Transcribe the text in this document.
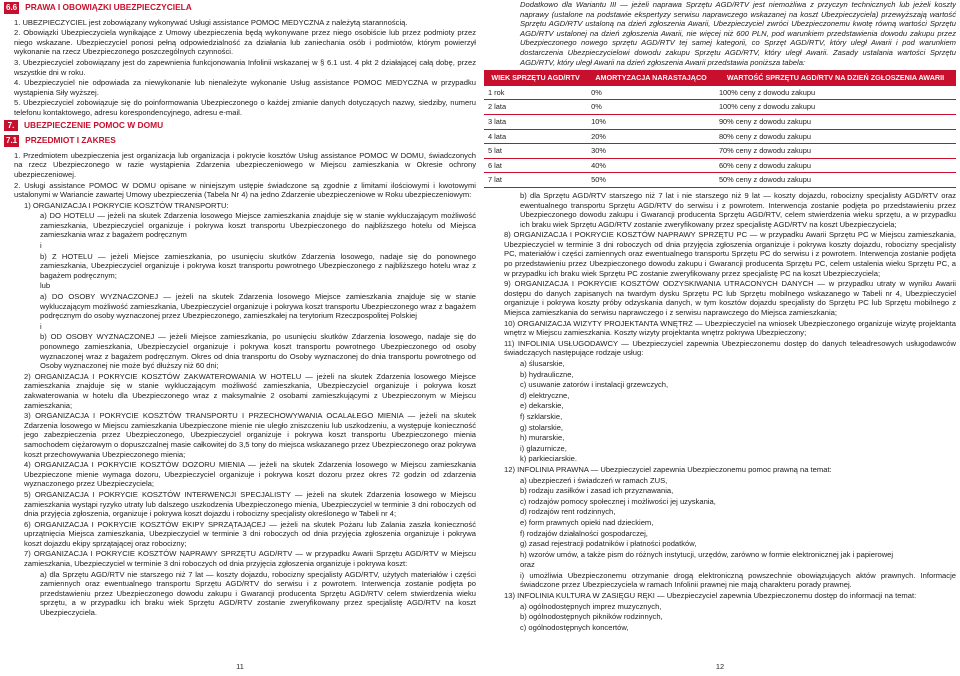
6.6 PRAWA I OBOWIĄZKI UBEZPIECZYCIELA

1. UBEZPIECZYCIEL jest zobowiązany wykonywać Usługi assistance POMOC MEDYCZNA z należytą starannością.

2. Obowiązki Ubezpieczyciela wynikające z Umowy ubezpieczenia będą wykonywane przez niego osobiście lub przez podmioty przez niego wskazane. Ubezpieczyciel ponosi pełną odpowiedzialność za działania lub zaniechania osób i podmiotów, którym powierzył wykonanie na rzecz Ubezpieczonego poszczególnych czynności.

3. Ubezpieczyciel zobowiązany jest do zapewnienia funkcjonowania Infolinii wskazanej w § 6.1 ust. 4 pkt 2 działającej całą dobę, przez wszystkie dni w roku.

4. Ubezpieczyciel nie odpowiada za niewykonanie lub nienależyte wykonanie Usług assistance POMOC MEDYCZNA w przypadku wystąpienia Siły wyższej.

5. Ubezpieczyciel zobowiązuje się do poinformowania Ubezpieczonego o każdej zmianie danych dotyczących nazwy, siedziby, numeru telefonu kontaktowego, adresu korespondencyjnego, adresu e-mail.

7.	UBEZPIECZENIE POMOC W DOMU
7.1 PRZEDMIOT I ZAKRES

1. Przedmiotem ubezpieczenia jest organizacja lub organizacja i pokrycie kosztów Usług assistance POMOC W DOMU, świadczonych na rzecz Ubezpieczonego w razie wystąpienia Zdarzenia ubezpieczeniowego w Miejscu zamieszkania w Okresie ochrony ubezpieczeniowej.

2. Usługi assistance POMOC W DOMU opisane w niniejszym ustępie świadczone są zgodnie z limitami ilościowymi i kwotowymi ustalonymi w Wariancie zawartej Umowy ubezpieczenia (Tabela Nr 4) na jedno Zdarzenie ubezpieczeniowe w Roku ubezpieczeniowym:

1) ORGANIZACJA I POKRYCIE KOSZTÓW TRANSPORTU:

a) DO HOTELU — jeżeli na skutek Zdarzenia losowego Miejsce zamieszkania znajduje się w stanie wykluczającym możliwość zamieszkania, Ubezpieczyciel organizuje i pokrywa koszt transportu Ubezpieczonego do najbliższego hotelu od Miejsca zamieszkania wraz z bagażem podręcznym

i

b) Z HOTELU — jeżeli Miejsce zamieszkania, po usunięciu skutków Zdarzenia losowego, nadaje się do ponownego zamieszkania, Ubezpieczyciel organizuje i pokrywa koszt transportu powrotnego Ubezpieczonego z najbliższego hotelu wraz z bagażem podręcznym;

lub

a) DO OSOBY WYZNACZONEJ — jeżeli na skutek Zdarzenia losowego Miejsce zamieszkania znajduje się w stanie wykluczającym możliwość zamieszkania, Ubezpieczyciel organizuje i pokrywa koszt transportu Ubezpieczonego wraz z bagażem podręcznym do osoby wyznaczonej przez Ubezpieczonego, zamieszkałej na terytorium Rzeczpospolitej Polskiej

i

b) OD OSOBY WYZNACZONEJ — jeżeli Miejsce zamieszkania, po usunięciu skutków Zdarzenia losowego, nadaje się do ponownego zamieszkania, Ubezpieczyciel organizuje i pokrywa koszt transportu powrotnego Ubezpieczonego od osoby wyznaczonej wraz z bagażem podręcznym. Okres od dnia transportu do Osoby wyznaczonej do dnia transportu powrotnego od Osoby wyznaczonej nie może być dłuższy niż 60 dni;

2) ORGANIZACJA I POKRYCIE KOSZTÓW ZAKWATEROWANIA W HOTELU — jeżeli na skutek Zdarzenia losowego Miejsce zamieszkania znajduje się w stanie wykluczającym możliwość zamieszkania, Ubezpieczyciel organizuje i pokrywa koszt zakwaterowania w hotelu dla Ubezpieczonego wraz z maksymalnie 2 osobami zamieszkującymi z Ubezpieczonym w Miejscu zamieszkania;

3) ORGANIZACJA I POKRYCIE KOSZTÓW TRANSPORTU I PRZECHOWYWANIA OCALAŁEGO MIENIA — jeżeli na skutek Zdarzenia losowego w Miejscu zamieszkania Ubezpieczone mienie nie uległo zniszczeniu lub uszkodzeniu, a występuje konieczność jego zabezpieczenia przez Ubezpieczonego, Ubezpieczyciel organizuje i pokrywa koszt transportu Ubezpieczonego mienia samochodem ciężarowym o dopuszczalnej masie całkowitej do 3,5 tony do miejsca wskazanego przez Ubezpieczonego oraz pokrywa koszt przechowywania Ubezpieczonego mienia;

4) ORGANIZACJA I POKRYCIE KOSZTÓW DOZORU MIENIA — jeżeli na skutek Zdarzenia losowego w Miejscu zamieszkania Ubezpieczone mienie wymaga dozoru, Ubezpieczyciel organizuje i pokrywa koszt dozoru przez okres 72 godzin od zdarzenia wyznaczonego przez Ubezpieczyciela;

5) ORGANIZACJA I POKRYCIE KOSZTÓW INTERWENCJI SPECJALISTY — jeżeli na skutek Zdarzenia losowego w Miejscu zamieszkania wystąpi ryzyko utraty lub dalszego uszkodzenia Ubezpieczonego mienia, Ubezpieczyciel w terminie 3 dni roboczych od dnia przyjęcia zgłoszenia, organizuje i pokrywa koszt dojazdu i robocizny specjalisty określonego w Tabeli nr 4;

6) ORGANIZACJA I POKRYCIE KOSZTÓW EKIPY SPRZĄTAJĄCEJ — jeżeli na skutek Pożaru lub Zalania zaszła konieczność uprzątnięcia Miejsca zamieszkania, Ubezpieczyciel w terminie 3 dni roboczych od dnia przyjęcia zgłoszenia organizuje i pokrywa koszt dojazdu ekipy sprzątającej oraz robocizny;

7) ORGANIZACJA I POKRYCIE KOSZTÓW NAPRAWY SPRZĘTU AGD/RTV — w przypadku Awarii Sprzętu AGD/RTV w Miejscu zamieszkania, Ubezpieczyciel w terminie 3 dni roboczych od dnia przyjęcia zgłoszenia organizuje i pokrywa koszt:

a) dla Sprzętu AGD/RTV nie starszego niż 7 lat — koszty dojazdu, robocizny specjalisty AGD/RTV, użytych materiałów i części zamiennych oraz ewentualnego transportu Sprzętu AGD/RTV do serwisu i z powrotem. Interwencja zostanie podjęta po przedstawieniu przez Ubezpieczonego dowodu zakupu i Gwarancji producenta Sprzętu AGD/RTV celem stwierdzenia wieku sprzętu, a w przypadku ich braku wiek Sprzętu AGD/RTV zostanie zweryfikowany przez specjalistę AGD/RTV na koszt Ubezpieczyciela.

11

Dodatkowo dla Wariantu III — jeżeli naprawa Sprzętu AGD/RTV jest niemożliwa z przyczyn technicznych lub jeżeli koszty naprawy (ustalone na podstawie ekspertyzy serwisu naprawczego wskazanej na koszt Ubezpieczyciela) przewyższają wartość Sprzętu AGD/RTV ustaloną na dzień zgłoszenia Awarii, Ubezpieczyciel zwróci Ubezpieczonemu kwotę równą wartości Sprzętu AGD/RTV ustalonej na dzień zgłoszenia Awarii, nie więcej niż 600 PLN, pod warunkiem przedstawienia dowodu zakupu przez Ubezpieczonego nowego sprzętu AGD/RTV tej samej kategorii, co Sprzęt AGD/RTV, który uległ Awarii i pod warunkiem dostarczenia Ubezpieczycielowi dowodu zakupu Sprzętu AGD/RTV, który uległ Awarii. Zasady ustalania wartości Sprzętu AGD/RTV, który uległ Awarii na dzień zgłoszenia Awarii przedstawia poniższa tabela:

WIEK SPRZĘTU AGD/RTV	AMORTYZACJA NARASTAJĄCO	WARTOŚĆ SPRZĘTU AGD/RTV NA DZIEŃ ZGŁOSZENIA AWARII
1 rok	0%	100% ceny z dowodu zakupu
2 lata	0%	100% ceny z dowodu zakupu
3 lata	10%	90% ceny z dowodu zakupu
4 lata	20%	80% ceny z dowodu zakupu
5 lat	30%	70% ceny z dowodu zakupu
6 lat	40%	60% ceny z dowodu zakupu
7 lat	50%	50% ceny z dowodu zakupu

b) dla Sprzętu AGD/RTV starszego niż 7 lat i nie starszego niż 9 lat — koszty dojazdu, robocizny specjalisty AGD/RTV oraz ewentualnego transportu Sprzętu AGD/RTV do serwisu i z powrotem. Interwencja zostanie podjęta po przedstawieniu przez Ubezpieczonego dowodu zakupu i Gwarancji producenta Sprzętu AGD/RTV, celem stwierdzenia wieku sprzętu, a w przypadku ich braku wiek Sprzętu AGD/RTV zostanie zweryfikowany przez specjalistę AGD/RTV na koszt Ubezpieczyciela;

8) ORGANIZACJA I POKRYCIE KOSZTÓW NAPRAWY SPRZĘTU PC — w przypadku Awarii Sprzętu PC w Miejscu zamieszkania, Ubezpieczyciel w terminie 3 dni roboczych od dnia przyjęcia zgłoszenia organizuje i pokrywa koszty dojazdu, robocizny specjalisty PC, materiałów i części zamiennych oraz ewentualnego transportu Sprzętu PC do serwisu i z powrotem. Interwencja zostanie podjęta po przedstawieniu przez Ubezpieczonego dowodu zakupu i Gwarancji producenta Sprzętu PC, celem ustalenia wieku Sprzętu PC, a w przypadku ich braku wiek Sprzętu PC zostanie zweryfikowany przez specjalistę PC na koszt Ubezpieczyciela;

9) ORGANIZACJA I POKRYCIE KOSZTÓW ODZYSKIWANIA UTRACONYCH DANYCH — w przypadku utraty w wyniku Awarii dostępu do danych zapisanych na twardym dysku Sprzętu PC lub Sprzętu mobilnego wskazanego w Tabeli nr 4, Ubezpieczyciel organizuje i pokrywa koszty próby odzyskania danych, w tym kosztów dojazdu specjalisty do Sprzętu PC lub Sprzętu mobilnego z Miejsca zamieszkania do serwisu naprawczego i z serwisu naprawczego do Miejsca zamieszkania;

10) ORGANIZACJA WIZYTY PROJEKTANTA WNĘTRZ — Ubezpieczyciel na wniosek Ubezpieczonego organizuje wizytę projektanta wnętrz w Miejscu zamieszkania. Koszty wizyty projektanta wnętrz pokrywa Ubezpieczony;

11) INFOLINIA USŁUGODAWCY — Ubezpieczyciel zapewnia Ubezpieczonemu dostęp do danych teleadresowych usługodawców świadczących następujące rodzaje usług:

a) ślusarskie,

b) hydrauliczne,

c) usuwanie zatorów i instalacji grzewczych,

d) elektryczne,

e) dekarskie,

f) szklarskie,

g) stolarskie,

h) murarskie,

i) glazurnicze,

k) parkieciarskie.

12) INFOLINIA PRAWNA — Ubezpieczyciel zapewnia Ubezpieczonemu pomoc prawną na temat:

a) ubezpieczeń i świadczeń w ramach ZUS,

b) rodzaju zasiłków i zasad ich przyznawania,

c) rodzajów pomocy społecznej i możliwości jej uzyskania,

d) rodzajów rent rodzinnych,

e) form prawnych opieki nad dzieckiem,

f) rodzajów działalności gospodarczej,

g) zasad rejestracji podatników i płatności podatków,

h) wzorów umów, a także pism do różnych instytucji, urzędów, zarówno w formie elektronicznej jak i papierowej

oraz

i) umożliwia Ubezpieczonemu otrzymanie drogą elektroniczną powszechnie obowiązujących aktów prawnych. Informacje świadczone przez Ubezpieczyciela w ramach Infolinii prawnej nie mają charakteru porady prawnej.

13) INFOLINIA KULTURA W ZASIĘGU RĘKI — Ubezpieczyciel zapewnia Ubezpieczonemu dostęp do informacji na temat:

a) ogólnodostępnych imprez muzycznych,

b) ogólnodostępnych pikników rodzinnych,

c) ogólnodostępnych koncertów,

12
